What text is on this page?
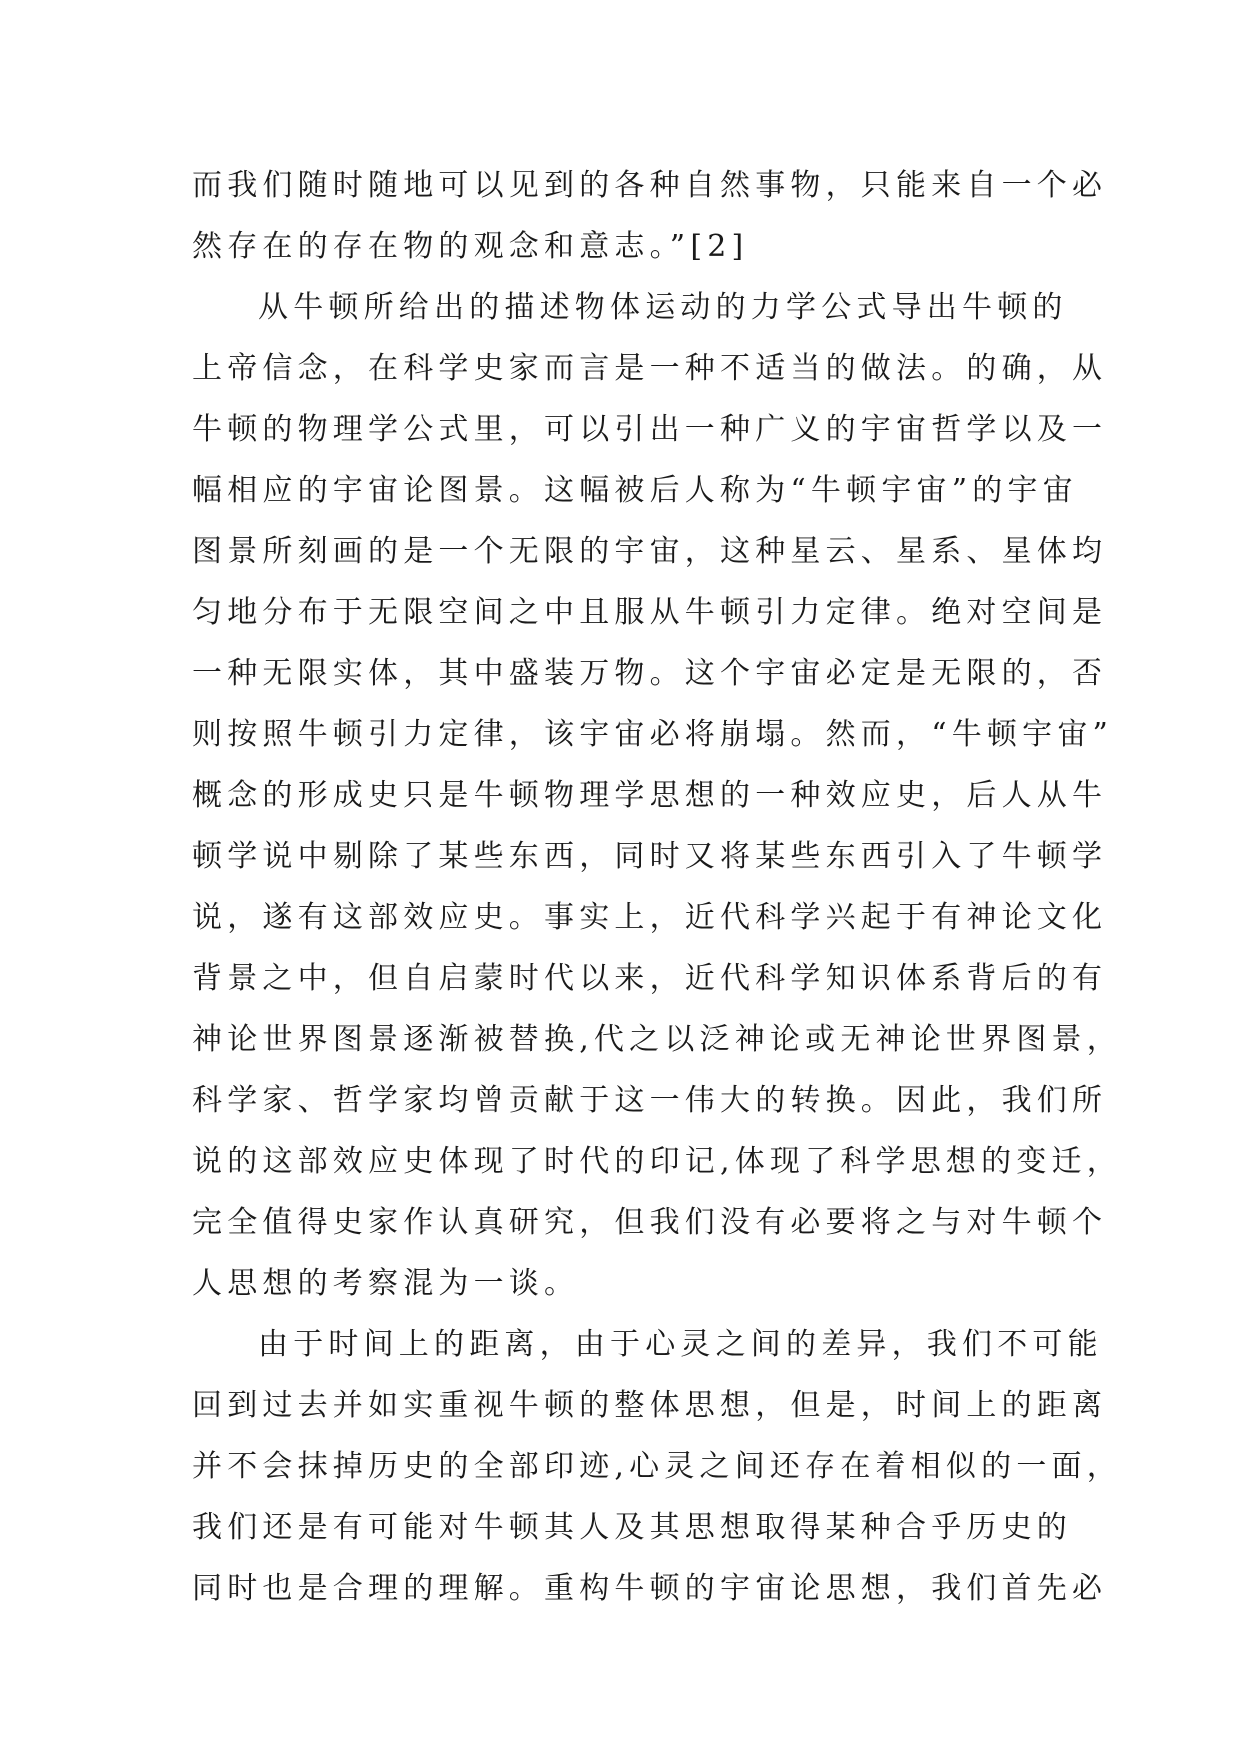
而我们随时随地可以见到的各种自然事物，只能来自一个必
然存在的存在物的观念和意志。”[2]
从牛顿所给出的描述物体运动的力学公式导出牛顿的
上帝信念，在科学史家而言是一种不适当的做法。的确，从
牛顿的物理学公式里，可以引出一种广义的宇宙哲学以及一
幅相应的宇宙论图景。这幅被后人称为“牛顿宇宙”的宇宙
图景所刻画的是一个无限的宇宙，这种星云、星系、星体均
匀地分布于无限空间之中且服从牛顿引力定律。绝对空间是
一种无限实体，其中盛装万物。这个宇宙必定是无限的，否
则按照牛顿引力定律，该宇宙必将崩塌。然而，“牛顿宇宙”
概念的形成史只是牛顿物理学思想的一种效应史，后人从牛
顿学说中剔除了某些东西，同时又将某些东西引入了牛顿学
说，遂有这部效应史。事实上，近代科学兴起于有神论文化
背景之中，但自启蒙时代以来，近代科学知识体系背后的有
神论世界图景逐渐被替换,代之以泛神论或无神论世界图景，
科学家、哲学家均曾贡献于这一伟大的转换。因此，我们所
说的这部效应史体现了时代的印记,体现了科学思想的变迁，
完全值得史家作认真研究，但我们没有必要将之与对牛顿个
人思想的考察混为一谈。
由于时间上的距离，由于心灵之间的差异，我们不可能
回到过去并如实重视牛顿的整体思想，但是，时间上的距离
并不会抹掉历史的全部印迹,心灵之间还存在着相似的一面，
我们还是有可能对牛顿其人及其思想取得某种合乎历史的
同时也是合理的理解。重构牛顿的宇宙论思想，我们首先必
